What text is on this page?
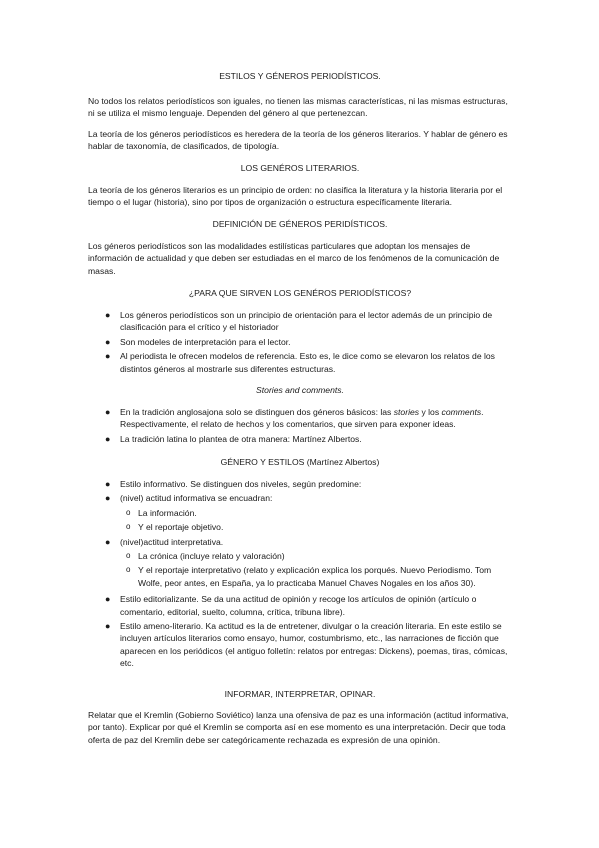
ESTILOS Y GÉNEROS PERIODÍSTICOS.

No todos los relatos periodísticos son iguales, no tienen las mismas características, ni las mismas estructuras, ni se utiliza el mismo lenguaje. Dependen del género al que pertenezcan.

La teoría de los géneros periodísticos es heredera de la teoría de los géneros literarios. Y hablar de género es hablar de taxonomía, de clasificados, de tipología.

LOS GENÉROS LITERARIOS.

La teoría de los géneros literarios es un principio de orden: no clasifica la literatura y la historia literaria por el tiempo o el lugar (historia), sino por tipos de organización o estructura específicamente literaria.

DEFINICIÓN DE GÉNEROS PERIDÍSTICOS.

Los géneros periodísticos son las modalidades estilísticas particulares que adoptan los mensajes de información de actualidad y que deben ser estudiadas en el marco de los fenómenos de la comunicación de masas.

¿PARA QUE SIRVEN LOS GENÉROS PERIODÍSTICOS?
● Los géneros periodísticos son un principio de orientación para el lector además de un principio de clasificación para el crítico y el historiador
● Son modeles de interpretación para el lector.
● Al periodista le ofrecen modelos de referencia. Esto es, le dice como se elevaron los relatos de los distintos géneros al mostrarle sus diferentes estructuras.
Stories and comments.
● En la tradición anglosajona solo se distinguen dos géneros básicos: las stories y los comments. Respectivamente, el relato de hechos y los comentarios, que sirven para exponer ideas.
● La tradición latina lo plantea de otra manera: Martínez Albertos.
GÉNERO Y ESTILOS (Martínez Albertos)
● Estilo informativo. Se distinguen dos niveles, según predomine:
● (nivel) actitud informativa se encuadran:
o La información.
o Y el reportaje objetivo.
● (nivel)actitud interpretativa.
o La crónica (incluye relato y valoración)
o Y el reportaje interpretativo (relato y explicación explica los porqués. Nuevo Periodismo. Tom Wolfe, peor antes, en España, ya lo practicaba Manuel Chaves Nogales en los años 30).
● Estilo editorializante. Se da una actitud de opinión y recoge los artículos de opinión (artículo o comentario, editorial, suelto, columna, crítica, tribuna libre).
● Estilo ameno-literario. Ka actitud es la de entretener, divulgar o la creación literaria. En este estilo se incluyen artículos literarios como ensayo, humor, costumbrismo, etc., las narraciones de ficción que aparecen en los periódicos (el antiguo folletín: relatos por entregas: Dickens), poemas, tiras, cómicas, etc.
INFORMAR, INTERPRETAR, OPINAR.

Relatar que el Kremlin (Gobierno Soviético) lanza una ofensiva de paz es una información (actitud informativa, por tanto). Explicar por qué el Kremlin se comporta así en ese momento es una interpretación. Decir que toda oferta de paz del Kremlin debe ser categóricamente rechazada es expresión de una opinión.
